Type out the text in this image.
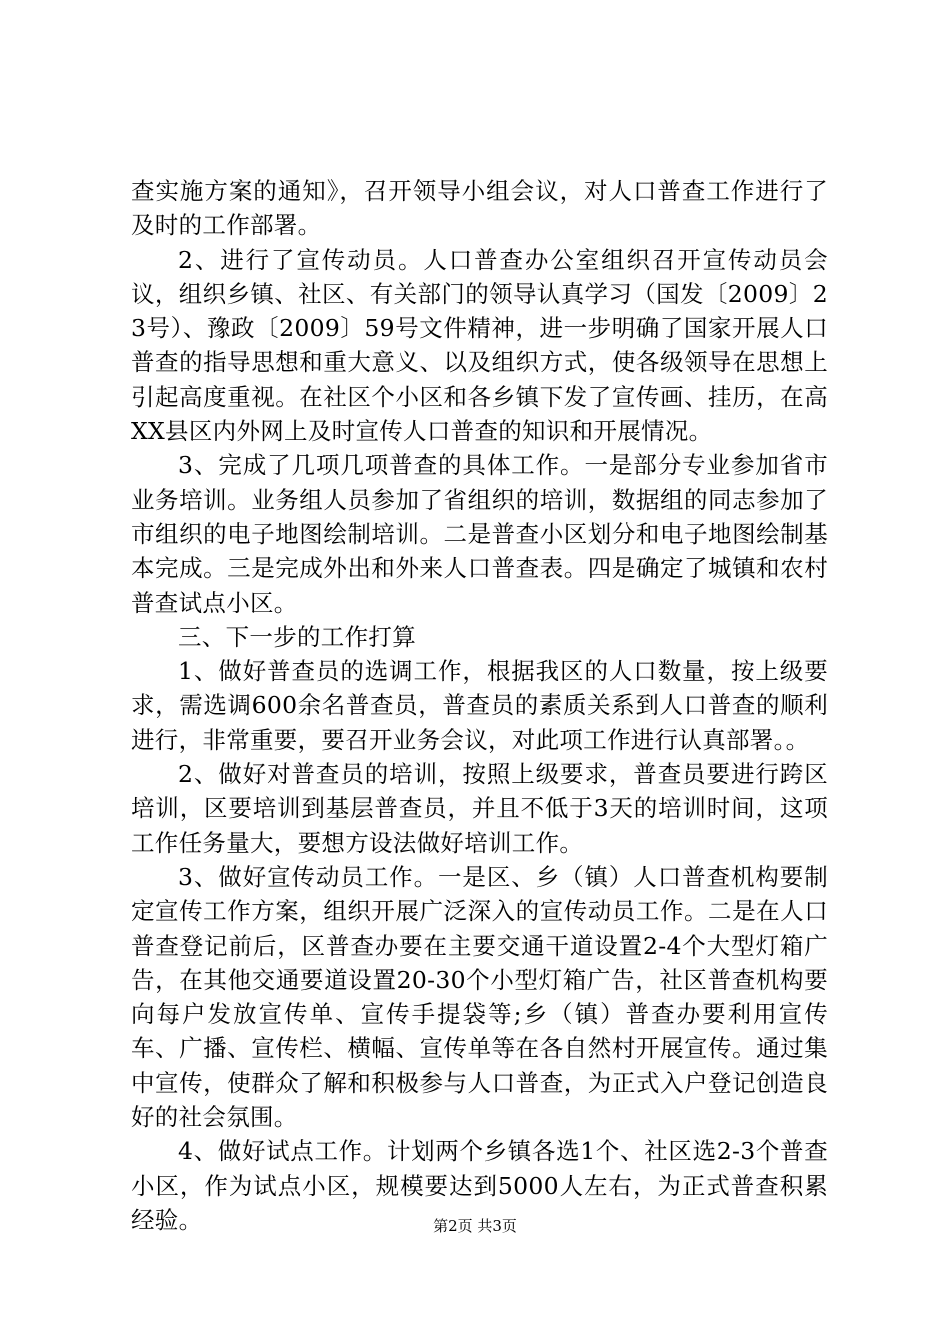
查实施方案的通知》，召开领导小组会议，对人口普查工作进行了及时的工作部署。

2、进行了宣传动员。人口普查办公室组织召开宣传动员会议，组织乡镇、社区、有关部门的领导认真学习（国发〔2009〕23号）、豫政〔2009〕59号文件精神，进一步明确了国家开展人口普查的指导思想和重大意义、以及组织方式，使各级领导在思想上引起高度重视。在社区个小区和各乡镇下发了宣传画、挂历，在高XX县区内外网上及时宣传人口普查的知识和开展情况。

3、完成了几项几项普查的具体工作。一是部分专业参加省市业务培训。业务组人员参加了省组织的培训，数据组的同志参加了市组织的电子地图绘制培训。二是普查小区划分和电子地图绘制基本完成。三是完成外出和外来人口普查表。四是确定了城镇和农村普查试点小区。

三、下一步的工作打算

1、做好普查员的选调工作，根据我区的人口数量，按上级要求，需选调600余名普查员，普查员的素质关系到人口普查的顺利进行，非常重要，要召开业务会议，对此项工作进行认真部署。。

2、做好对普查员的培训，按照上级要求，普查员要进行跨区培训，区要培训到基层普查员，并且不低于3天的培训时间，这项工作任务量大，要想方设法做好培训工作。

3、做好宣传动员工作。一是区、乡（镇）人口普查机构要制定宣传工作方案，组织开展广泛深入的宣传动员工作。二是在人口普查登记前后，区普查办要在主要交通干道设置2-4个大型灯箱广告，在其他交通要道设置20-30个小型灯箱广告，社区普查机构要向每户发放宣传单、宣传手提袋等;乡（镇）普查办要利用宣传车、广播、宣传栏、横幅、宣传单等在各自然村开展宣传。通过集中宣传，使群众了解和积极参与人口普查，为正式入户登记创造良好的社会氛围。

4、做好试点工作。计划两个乡镇各选1个、社区选2-3个普查小区，作为试点小区，规模要达到5000人左右，为正式普查积累经验。	第2页 共3页
